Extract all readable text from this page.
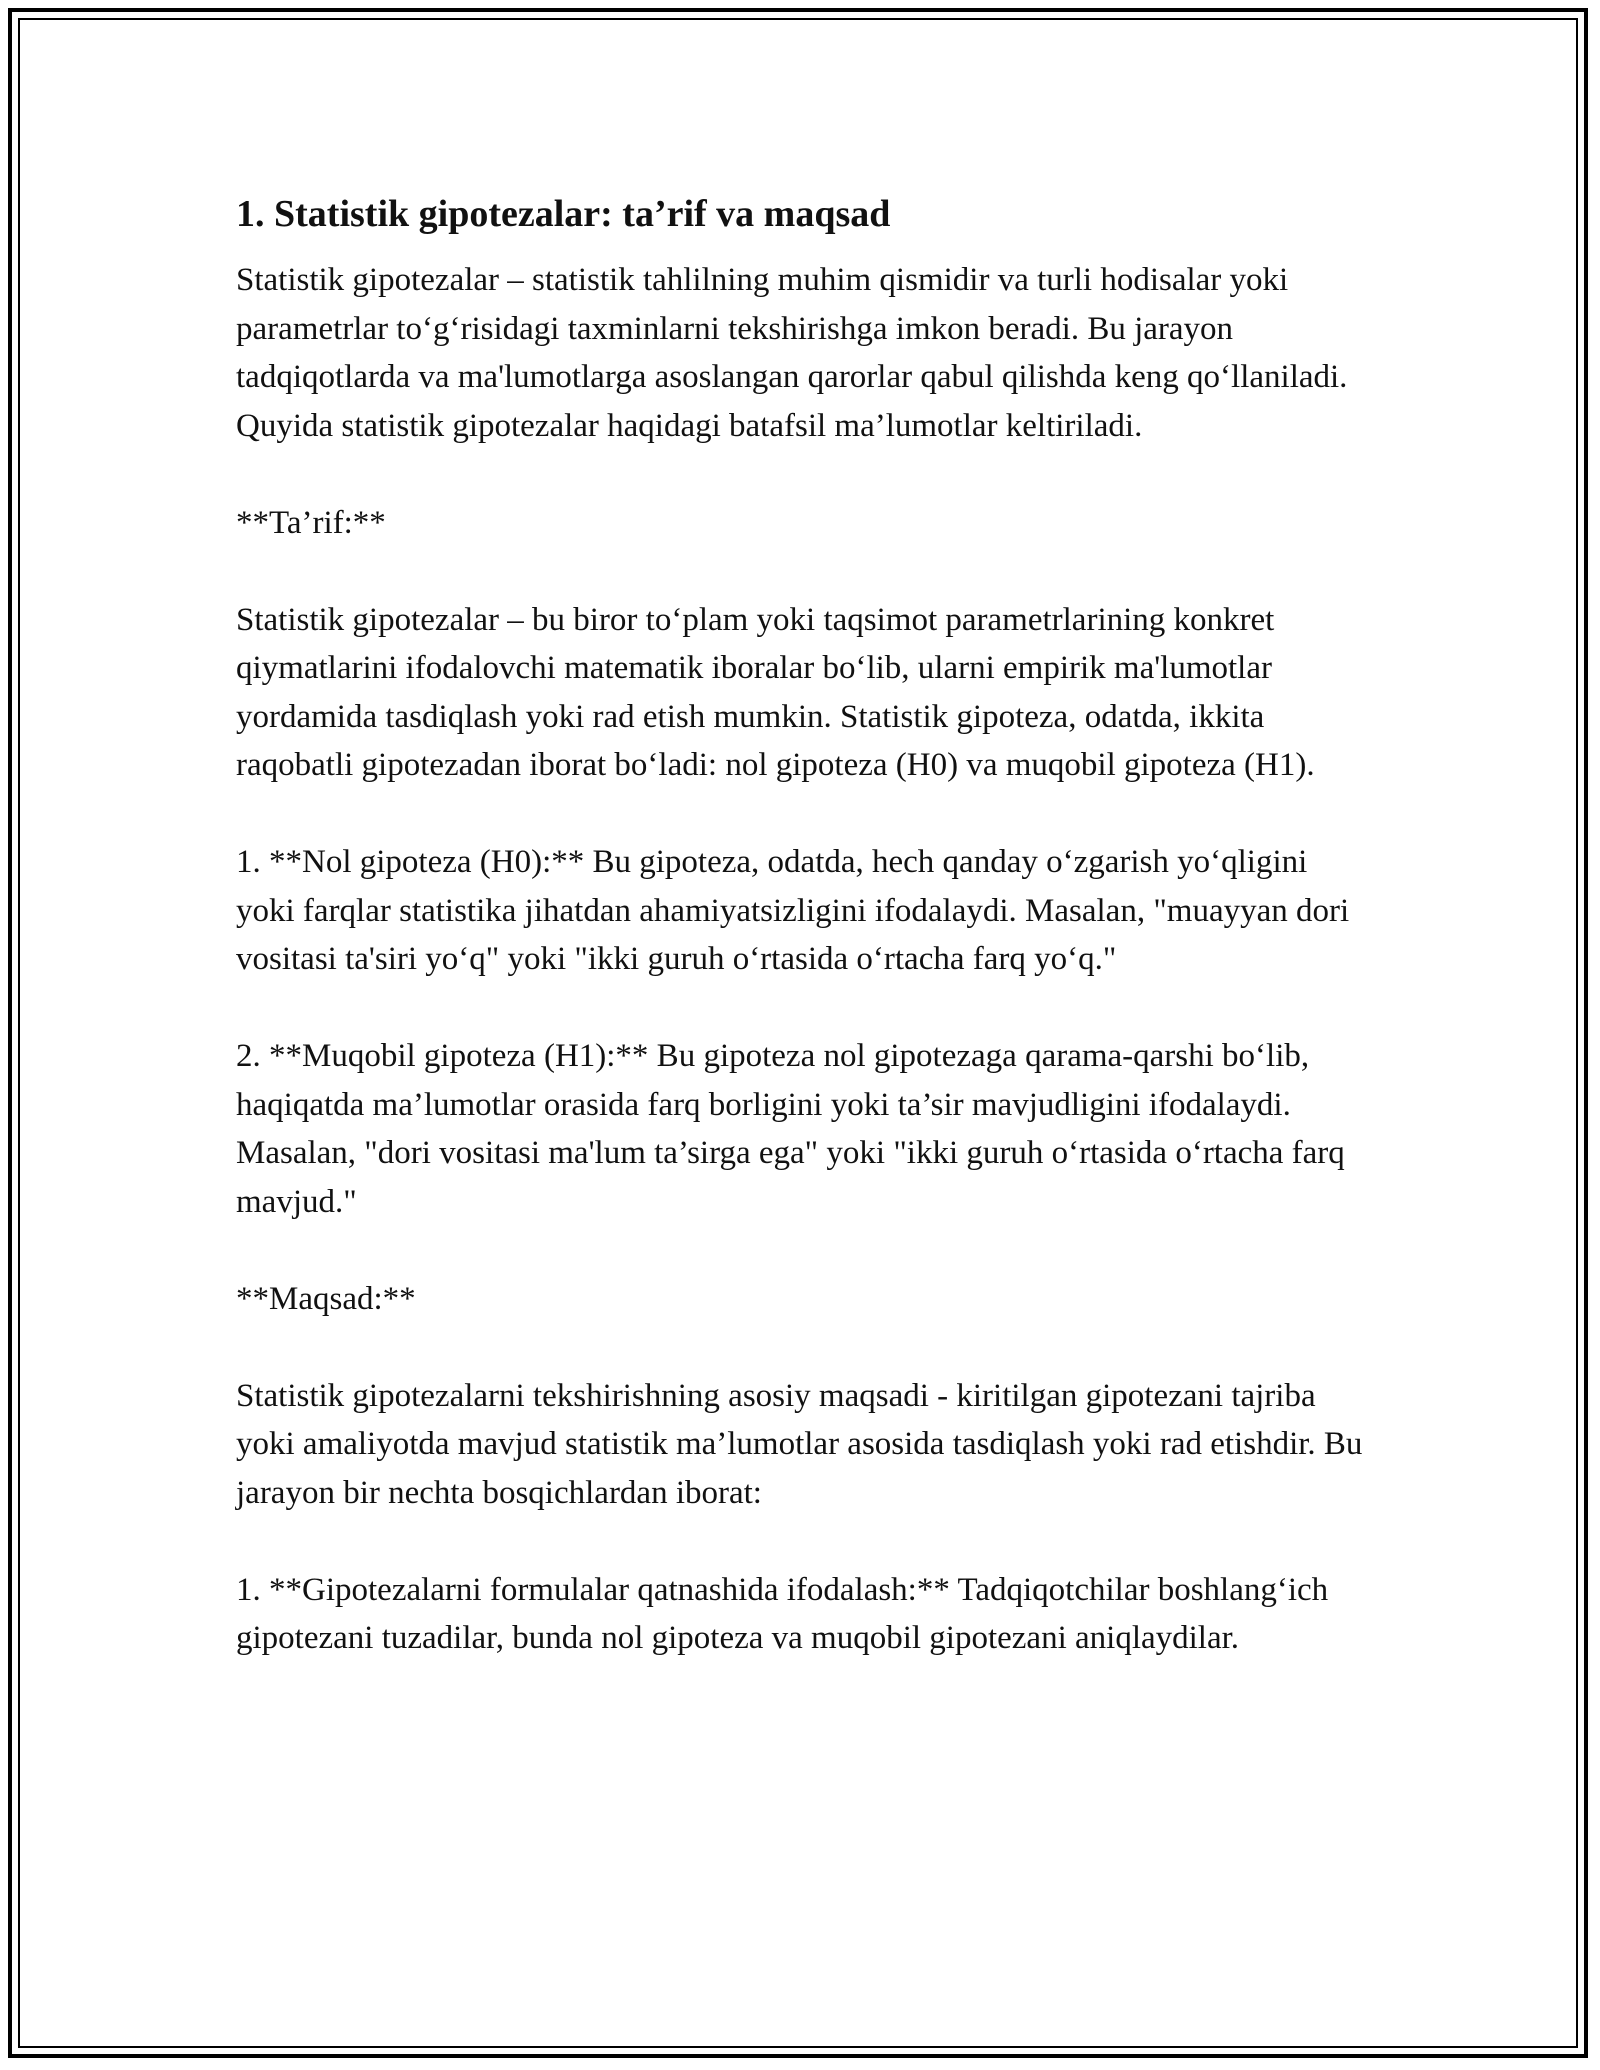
1. Statistik gipotezalar: ta’rif va maqsad

Statistik gipotezalar – statistik tahlilning muhim qismidir va turli hodisalar yoki parametrlar to‘g‘risidagi taxminlarni tekshirishga imkon beradi. Bu jarayon tadqiqotlarda va ma'lumotlarga asoslangan qarorlar qabul qilishda keng qo‘llaniladi. Quyida statistik gipotezalar haqidagi batafsil ma’lumotlar keltiriladi.

**Ta’rif:**

Statistik gipotezalar – bu biror to‘plam yoki taqsimot parametrlarining konkret qiymatlarini ifodalovchi matematik iboralar bo‘lib, ularni empirik ma'lumotlar yordamida tasdiqlash yoki rad etish mumkin. Statistik gipoteza, odatda, ikkita raqobatli gipotezadan iborat bo‘ladi: nol gipoteza (H0) va muqobil gipoteza (H1).

1. **Nol gipoteza (H0):** Bu gipoteza, odatda, hech qanday o‘zgarish yo‘qligini yoki farqlar statistika jihatdan ahamiyatsizligini ifodalaydi. Masalan, "muayyan dori vositasi ta'siri yo‘q" yoki "ikki guruh o‘rtasida o‘rtacha farq yo‘q."

2. **Muqobil gipoteza (H1):** Bu gipoteza nol gipotezaga qarama-qarshi bo‘lib, haqiqatda ma’lumotlar orasida farq borligini yoki ta’sir mavjudligini ifodalaydi. Masalan, "dori vositasi ma'lum ta’sirga ega" yoki "ikki guruh o‘rtasida o‘rtacha farq mavjud."

**Maqsad:**

Statistik gipotezalarni tekshirishning asosiy maqsadi - kiritilgan gipotezani tajriba yoki amaliyotda mavjud statistik ma’lumotlar asosida tasdiqlash yoki rad etishdir. Bu jarayon bir nechta bosqichlardan iborat:

1. **Gipotezalarni formulalar qatnashida ifodalash:** Tadqiqotchilar boshlang‘ich gipotezani tuzadilar, bunda nol gipoteza va muqobil gipotezani aniqlaydilar.
